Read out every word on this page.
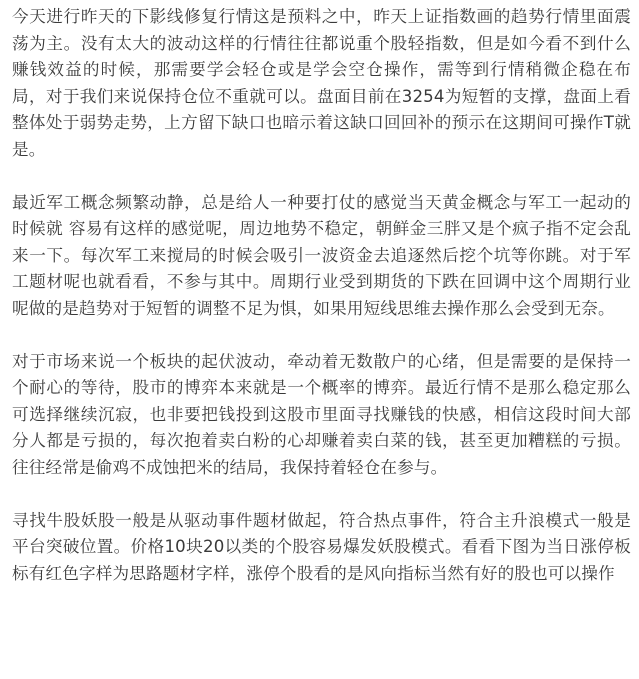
今天进行昨天的下影线修复行情这是预料之中，昨天上证指数画的趋势行情里面震荡为主。没有太大的波动这样的行情往往都说重个股轻指数，但是如今看不到什么赚钱效益的时候，那需要学会轻仓或是学会空仓操作，需等到行情稍微企稳在布局，对于我们来说保持仓位不重就可以。盘面目前在3254为短暂的支撑，盘面上看整体处于弱势走势，上方留下缺口也暗示着这缺口回回补的预示在这期间可操作T就是。

最近军工概念频繁动静，总是给人一种要打仗的感觉当天黄金概念与军工一起动的时候就 容易有这样的感觉呢，周边地势不稳定，朝鲜金三胖又是个疯子指不定会乱来一下。每次军工来搅局的时候会吸引一波资金去追逐然后挖个坑等你跳。对于军工题材呢也就看看，不参与其中。周期行业受到期货的下跌在回调中这个周期行业呢做的是趋势对于短暂的调整不足为惧，如果用短线思维去操作那么会受到无奈。

对于市场来说一个板块的起伏波动，牵动着无数散户的心绪，但是需要的是保持一个耐心的等待，股市的博弈本来就是一个概率的博弈。最近行情不是那么稳定那么可选择继续沉寂，也非要把钱投到这股市里面寻找赚钱的快感，相信这段时间大部分人都是亏损的，每次抱着卖白粉的心却赚着卖白菜的钱，甚至更加糟糕的亏损。往往经常是偷鸡不成蚀把米的结局，我保持着轻仓在参与。

寻找牛股妖股一般是从驱动事件题材做起，符合热点事件，符合主升浪模式一般是平台突破位置。价格10块20以类的个股容易爆发妖股模式。看看下图为当日涨停板标有红色字样为思路题材字样，涨停个股看的是风向指标当然有好的股也可以操作
